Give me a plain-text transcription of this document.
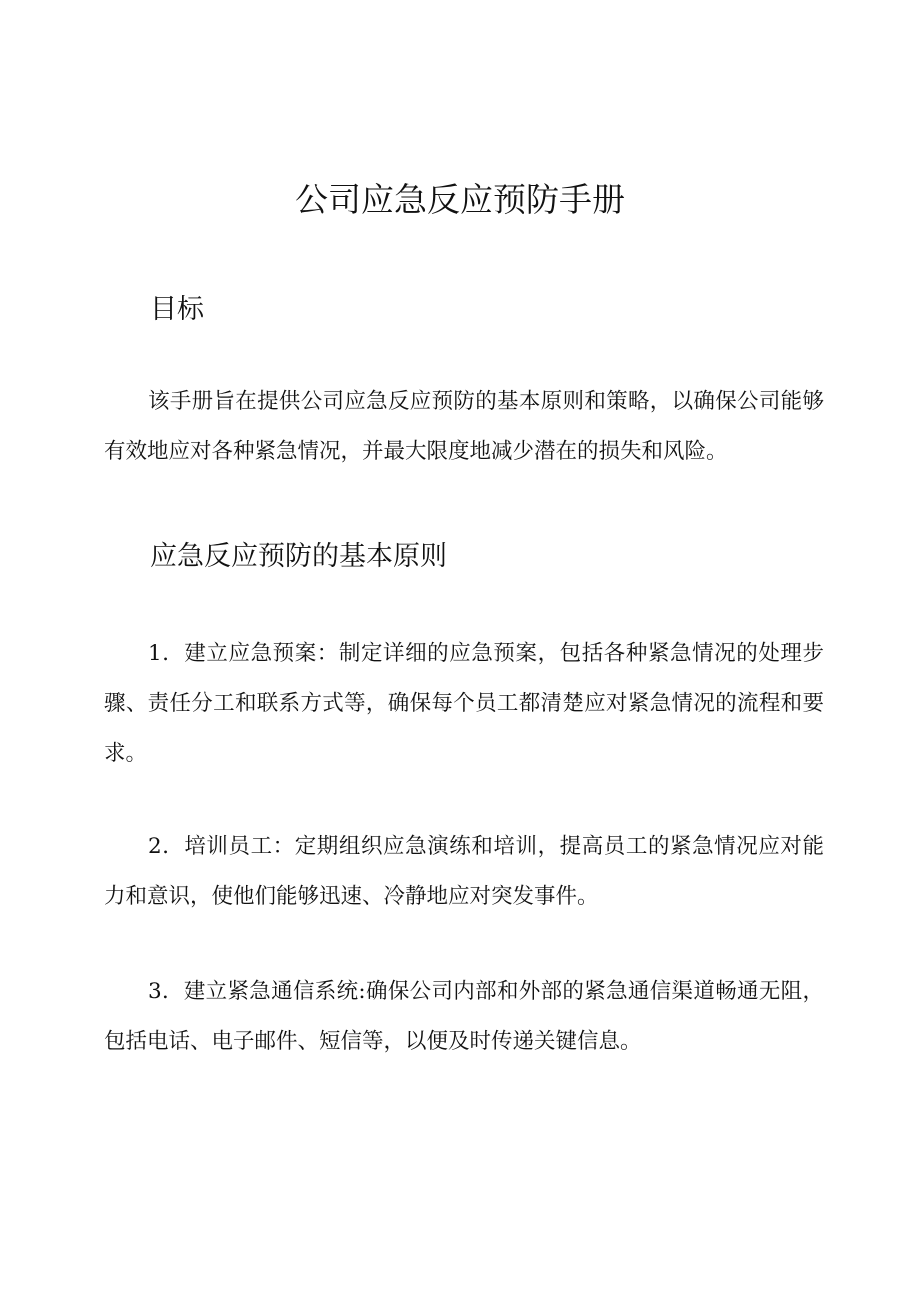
公司应急反应预防手册
目标

该手册旨在提供公司应急反应预防的基本原则和策略，以确保公司能够有效地应对各种紧急情况，并最大限度地减少潜在的损失和风险。

应急反应预防的基本原则

1．建立应急预案：制定详细的应急预案，包括各种紧急情况的处理步骤、责任分工和联系方式等，确保每个员工都清楚应对紧急情况的流程和要求。

2．培训员工：定期组织应急演练和培训，提高员工的紧急情况应对能力和意识，使他们能够迅速、冷静地应对突发事件。

3．建立紧急通信系统:确保公司内部和外部的紧急通信渠道畅通无阻，包括电话、电子邮件、短信等，以便及时传递关键信息。
